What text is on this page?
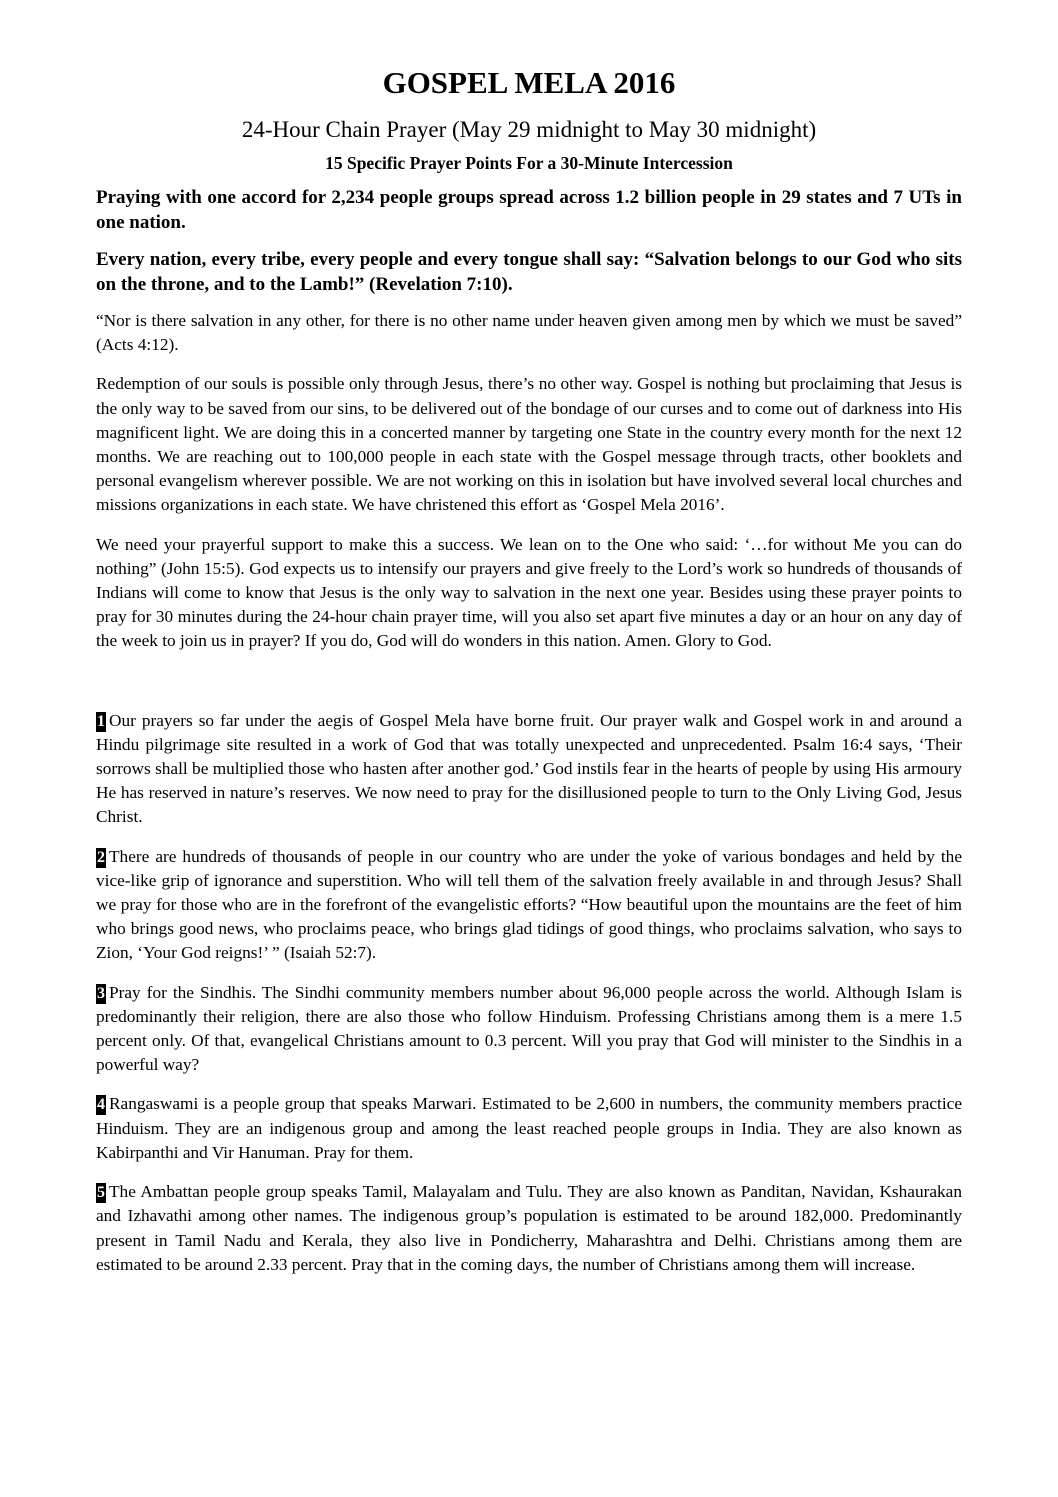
GOSPEL MELA 2016
24-Hour Chain Prayer (May 29 midnight to May 30 midnight)
15 Specific Prayer Points For a 30-Minute Intercession

Praying with one accord for 2,234 people groups spread across 1.2 billion people in 29 states and 7 UTs in one nation.

Every nation, every tribe, every people and every tongue shall say: “Salvation belongs to our God who sits on the throne, and to the Lamb!” (Revelation 7:10).

“Nor is there salvation in any other, for there is no other name under heaven given among men by which we must be saved” (Acts 4:12).

Redemption of our souls is possible only through Jesus, there’s no other way. Gospel is nothing but proclaiming that Jesus is the only way to be saved from our sins, to be delivered out of the bondage of our curses and to come out of darkness into His magnificent light. We are doing this in a concerted manner by targeting one State in the country every month for the next 12 months. We are reaching out to 100,000 people in each state with the Gospel message through tracts, other booklets and personal evangelism wherever possible. We are not working on this in isolation but have involved several local churches and missions organizations in each state. We have christened this effort as ‘Gospel Mela 2016’.

We need your prayerful support to make this a success. We lean on to the One who said: ‘…for without Me you can do nothing” (John 15:5). God expects us to intensify our prayers and give freely to the Lord’s work so hundreds of thousands of Indians will come to know that Jesus is the only way to salvation in the next one year. Besides using these prayer points to pray for 30 minutes during the 24-hour chain prayer time, will you also set apart five minutes a day or an hour on any day of the week to join us in prayer? If you do, God will do wonders in this nation. Amen. Glory to God.

1 Our prayers so far under the aegis of Gospel Mela have borne fruit. Our prayer walk and Gospel work in and around a Hindu pilgrimage site resulted in a work of God that was totally unexpected and unprecedented. Psalm 16:4 says, ‘Their sorrows shall be multiplied those who hasten after another god.’ God instils fear in the hearts of people by using His armoury He has reserved in nature’s reserves. We now need to pray for the disillusioned people to turn to the Only Living God, Jesus Christ.

2 There are hundreds of thousands of people in our country who are under the yoke of various bondages and held by the vice-like grip of ignorance and superstition. Who will tell them of the salvation freely available in and through Jesus? Shall we pray for those who are in the forefront of the evangelistic efforts? “How beautiful upon the mountains are the feet of him who brings good news, who proclaims peace, who brings glad tidings of good things, who proclaims salvation, who says to Zion, ‘Your God reigns!’ ” (Isaiah 52:7).

3 Pray for the Sindhis. The Sindhi community members number about 96,000 people across the world. Although Islam is predominantly their religion, there are also those who follow Hinduism. Professing Christians among them is a mere 1.5 percent only. Of that, evangelical Christians amount to 0.3 percent. Will you pray that God will minister to the Sindhis in a powerful way?

4 Rangaswami is a people group that speaks Marwari. Estimated to be 2,600 in numbers, the community members practice Hinduism. They are an indigenous group and among the least reached people groups in India. They are also known as Kabirpanthi and Vir Hanuman. Pray for them.

5 The Ambattan people group speaks Tamil, Malayalam and Tulu. They are also known as Panditan, Navidan, Kshaurakan and Izhavathi among other names. The indigenous group’s population is estimated to be around 182,000. Predominantly present in Tamil Nadu and Kerala, they also live in Pondicherry, Maharashtra and Delhi. Christians among them are estimated to be around 2.33 percent. Pray that in the coming days, the number of Christians among them will increase.
